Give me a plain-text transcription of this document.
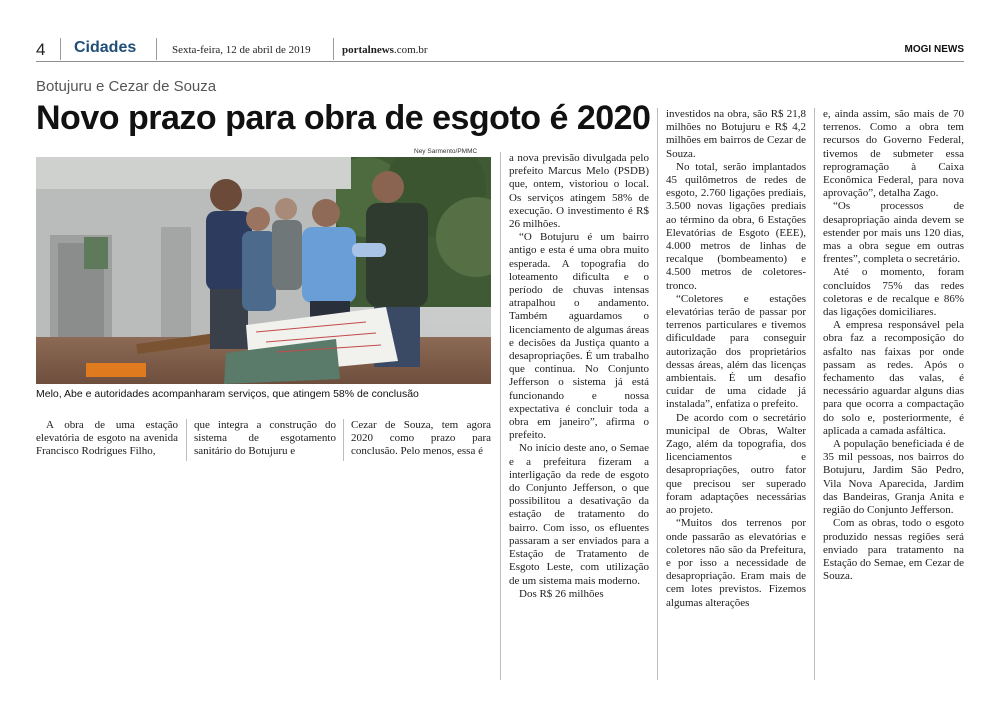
4 Cidades	Sexta-feira, 12 de abril de 2019	portalnews.com.br	MOGI NEWS
Botujuru e Cezar de Souza
Novo prazo para obra de esgoto é 2020
Ney Sarmento/PMMC
Melo, Abe e autoridades acompanharam serviços, que atingem 58% de conclusão

A obra de uma estação elevatória de esgoto na avenida Francisco Rodrigues Filho,

que integra a construção do sistema de esgotamento sanitário do Botujuru e

Cezar de Souza, tem agora 2020 como prazo para conclusão. Pelo menos, essa é

a nova previsão divulgada pelo prefeito Marcus Melo (PSDB) que, ontem, vistoriou o local. Os serviços atingem 58% de execução. O investimento é R$ 26 milhões.

“O Botujuru é um bairro antigo e esta é uma obra muito esperada. A topografia do loteamento dificulta e o período de chuvas intensas atrapalhou o andamento. Também aguardamos o licenciamento de algumas áreas e decisões da Justiça quanto a desapropriações. É um trabalho que continua. No Conjunto Jefferson o sistema já está funcionando e nossa expectativa é concluir toda a obra em janeiro”, afirma o prefeito.

No início deste ano, o Semae e a prefeitura fizeram a interligação da rede de esgoto do Conjunto Jefferson, o que possibilitou a desativação da estação de tratamento do bairro. Com isso, os efluentes passaram a ser enviados para a Estação de Tratamento de Esgoto Leste, com utilização de um sistema mais moderno.

Dos R$ 26 milhões

investidos na obra, são R$ 21,8 milhões no Botujuru e R$ 4,2 milhões em bairros de Cezar de Souza.

No total, serão implantados 45 quilômetros de redes de esgoto, 2.760 ligações prediais, 3.500 novas ligações prediais ao término da obra, 6 Estações Elevatórias de Esgoto (EEE), 4.000 metros de linhas de recalque (bombeamento) e 4.500 metros de coletores-tronco.

“Coletores e estações elevatórias terão de passar por terrenos particulares e tivemos dificuldade para conseguir autorização dos proprietários dessas áreas, além das licenças ambientais. É um desafio cuidar de uma cidade já instalada”, enfatiza o prefeito.

De acordo com o secretário municipal de Obras, Walter Zago, além da topografia, dos licenciamentos e desapropriações, outro fator que precisou ser superado foram adaptações necessárias ao projeto.

“Muitos dos terrenos por onde passarão as elevatórias e coletores não são da Prefeitura, e por isso a necessidade de desapropriação. Eram mais de cem lotes previstos. Fizemos algumas alterações

e, ainda assim, são mais de 70 terrenos. Como a obra tem recursos do Governo Federal, tivemos de submeter essa reprogramação à Caixa Econômica Federal, para nova aprovação”, detalha Zago.

“Os processos de desapropriação ainda devem se estender por mais uns 120 dias, mas a obra segue em outras frentes”, completa o secretário.

Até o momento, foram concluídos 75% das redes coletoras e de recalque e 86% das ligações domiciliares.

A empresa responsável pela obra faz a recomposição do asfalto nas faixas por onde passam as redes. Após o fechamento das valas, é necessário aguardar alguns dias para que ocorra a compactação do solo e, posteriormente, é aplicada a camada asfáltica.

A população beneficiada é de 35 mil pessoas, nos bairros do Botujuru, Jardim São Pedro, Vila Nova Aparecida, Jardim das Bandeiras, Granja Anita e região do Conjunto Jefferson.

Com as obras, todo o esgoto produzido nessas regiões será enviado para tratamento na Estação do Semae, em Cezar de Souza.
